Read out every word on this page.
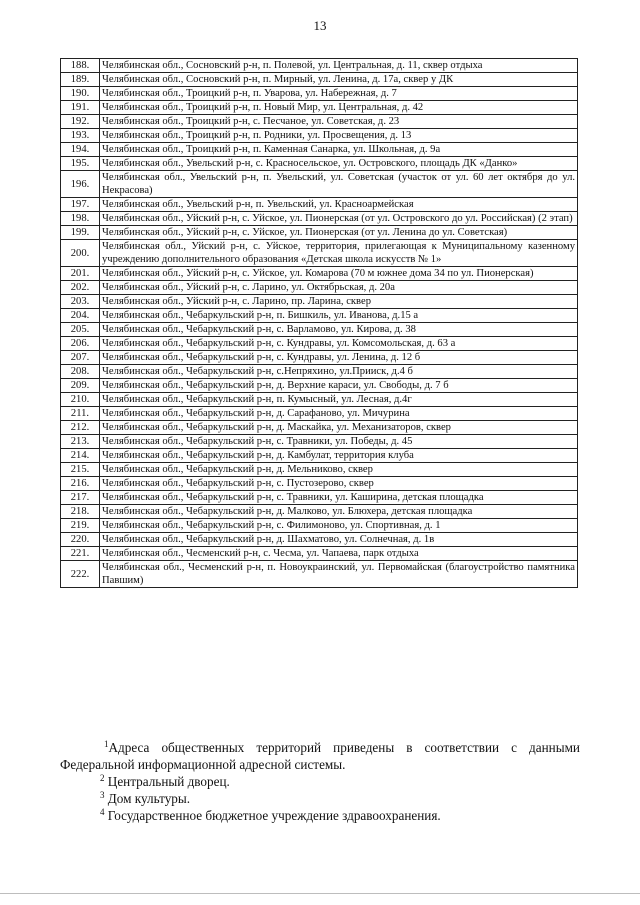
13
188.	Челябинская обл., Сосновский р-н, п. Полевой, ул. Центральная, д. 11, сквер отдыха
189.	Челябинская обл., Сосновский р-н, п. Мирный, ул. Ленина, д. 17а, сквер у ДК
190.	Челябинская обл., Троицкий р-н, п. Уварова, ул. Набережная, д. 7
191.	Челябинская обл., Троицкий р-н, п. Новый Мир, ул. Центральная, д. 42
192.	Челябинская обл., Троицкий р-н, с. Песчаное, ул. Советская, д. 23
193.	Челябинская обл., Троицкий р-н, п. Родники, ул. Просвещения, д. 13
194.	Челябинская обл., Троицкий р-н, п. Каменная Санарка, ул. Школьная, д. 9а
195.	Челябинская обл., Увельский р-н, с. Красносельское, ул. Островского, площадь ДК «Данко»
196.	Челябинская обл., Увельский р-н, п. Увельский, ул. Советская (участок от ул. 60 лет октября до ул. Некрасова)
197.	Челябинская обл., Увельский р-н, п. Увельский, ул. Красноармейская
198.	Челябинская обл., Уйский р-н, с. Уйское, ул. Пионерская (от ул. Островского до ул. Российская) (2 этап)
199.	Челябинская обл., Уйский р-н, с. Уйское, ул. Пионерская (от ул. Ленина до ул. Советская)
200.	Челябинская обл., Уйский р-н, с. Уйское, территория, прилегающая к Муниципальному казенному учреждению дополнительного образования «Детская школа искусств № 1»
201.	Челябинская обл., Уйский р-н, с. Уйское, ул. Комарова (70 м южнее дома 34 по ул. Пионерская)
202.	Челябинская обл., Уйский р-н, с. Ларино, ул. Октябрьская, д. 20а
203.	Челябинская обл., Уйский р-н, с. Ларино, пр. Ларина, сквер
204.	Челябинская обл., Чебаркульский р-н, п. Бишкиль, ул. Иванова, д.15 а
205.	Челябинская обл., Чебаркульский р-н, с. Варламово, ул. Кирова, д. 38
206.	Челябинская обл., Чебаркульский р-н, с. Кундравы, ул. Комсомольская, д. 63 а
207.	Челябинская обл., Чебаркульский р-н, с. Кундравы, ул. Ленина, д. 12 б
208.	Челябинская обл., Чебаркульский р-н, с.Непряхино, ул.Прииск, д.4 б
209.	Челябинская обл., Чебаркульский р-н, д. Верхние караси, ул. Свободы, д. 7 б
210.	Челябинская обл., Чебаркульский р-н, п. Кумысный, ул. Лесная, д.4г
211.	Челябинская обл., Чебаркульский р-н, д. Сарафаново, ул. Мичурина
212.	Челябинская обл., Чебаркульский р-н, д. Маскайка, ул. Механизаторов, сквер
213.	Челябинская обл., Чебаркульский р-н, с. Травники, ул. Победы, д. 45
214.	Челябинская обл., Чебаркульский р-н, д. Камбулат, территория клуба
215.	Челябинская обл., Чебаркульский р-н, д. Мельниково, сквер
216.	Челябинская обл., Чебаркульский р-н, с. Пустозерово, сквер
217.	Челябинская обл., Чебаркульский р-н, с. Травники, ул. Каширина, детская площадка
218.	Челябинская обл., Чебаркульский р-н, д. Малково, ул. Блюхера, детская площадка
219.	Челябинская обл., Чебаркульский р-н, с. Филимоново, ул. Спортивная, д. 1
220.	Челябинская обл., Чебаркульский р-н, д. Шахматово, ул. Солнечная, д. 1в
221.	Челябинская обл., Чесменский р-н, с. Чесма, ул. Чапаева, парк отдыха
222.	Челябинская обл., Чесменский р-н, п. Новоукраинский, ул. Первомайская (благоустройство памятника Павшим)
$^1$Адреса общественных территорий приведены в соответствии с данными Федеральной информационной адресной системы.
$^2$ Центральный дворец.
$^3$ Дом культуры.
$^4$ Государственное бюджетное учреждение здравоохранения.
